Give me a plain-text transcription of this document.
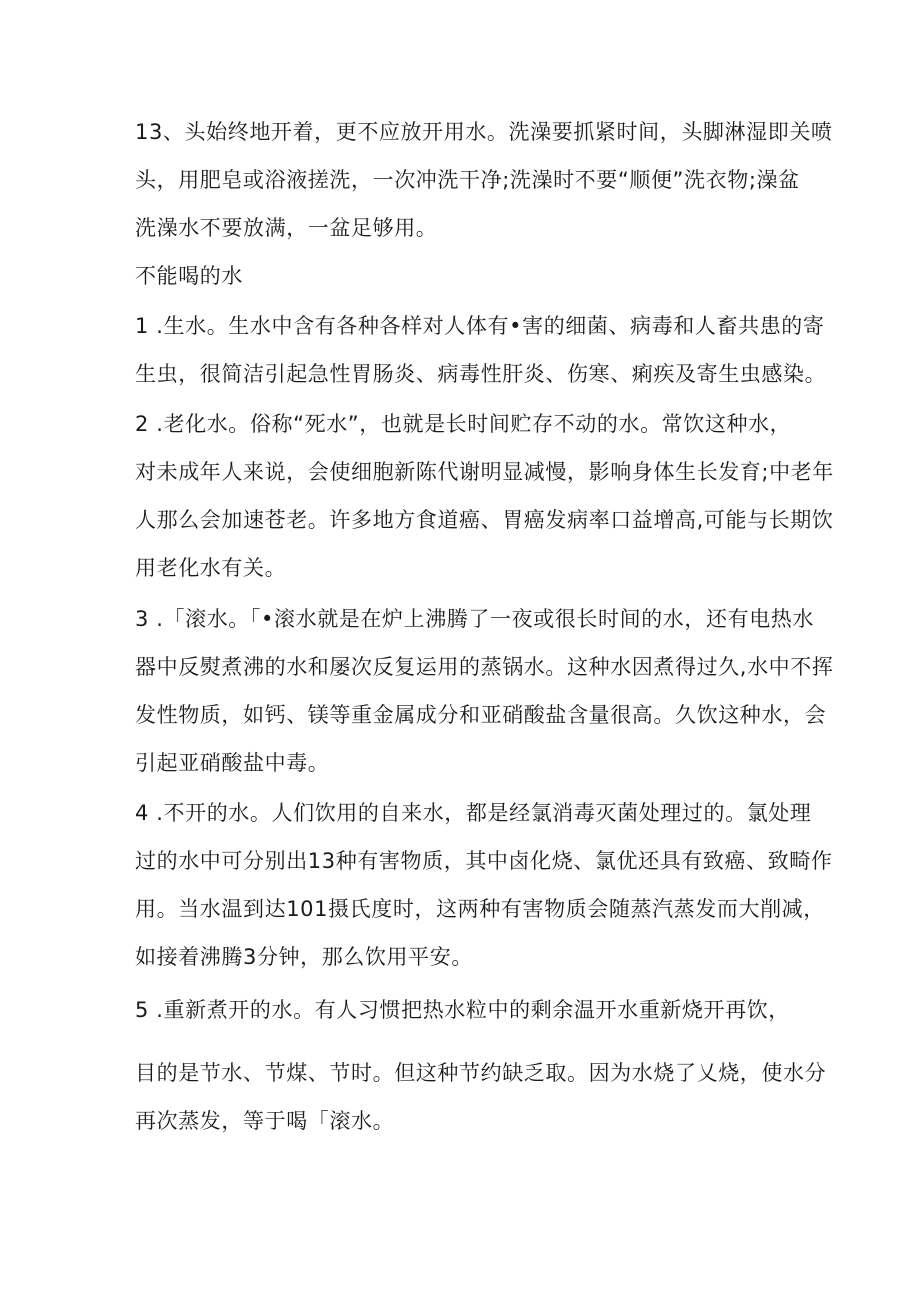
13、头始终地开着，更不应放开用水。洗澡要抓紧时间，头脚淋湿即关喷
头，用肥皂或浴液搓洗，一次冲洗干净;洗澡时不要“顺便”洗衣物;澡盆
洗澡水不要放满，一盆足够用。
不能喝的水
1 .生水。生水中含有各种各样对人体有•害的细菌、病毒和人畜共患的寄
生虫，很简洁引起急性胃肠炎、病毒性肝炎、伤寒、痢疾及寄生虫感染。
2 .老化水。俗称“死水”，也就是长时间贮存不动的水。常饮这种水，
对未成年人来说，会使细胞新陈代谢明显减慢，影响身体生长发育;中老年
人那么会加速苍老。许多地方食道癌、胃癌发病率口益增高,可能与长期饮
用老化水有关。
3 .「滚水。「•滚水就是在炉上沸腾了一夜或很长时间的水，还有电热水
器中反熨煮沸的水和屡次反复运用的蒸锅水。这种水因煮得过久,水中不挥
发性物质，如钙、镁等重金属成分和亚硝酸盐含量很高。久饮这种水，会
引起亚硝酸盐中毒。
4 .不开的水。人们饮用的自来水，都是经氯消毒灭菌处理过的。氯处理
过的水中可分别出13种有害物质，其中卤化烧、氯优还具有致癌、致畸作
用。当水温到达101摄氏度时，这两种有害物质会随蒸汽蒸发而大削减，
如接着沸腾3分钟，那么饮用平安。
5 .重新煮开的水。有人习惯把热水粒中的剩余温开水重新烧开再饮，
目的是节水、节煤、节时。但这种节约缺乏取。因为水烧了乂烧，使水分
再次蒸发，等于喝「滚水。
